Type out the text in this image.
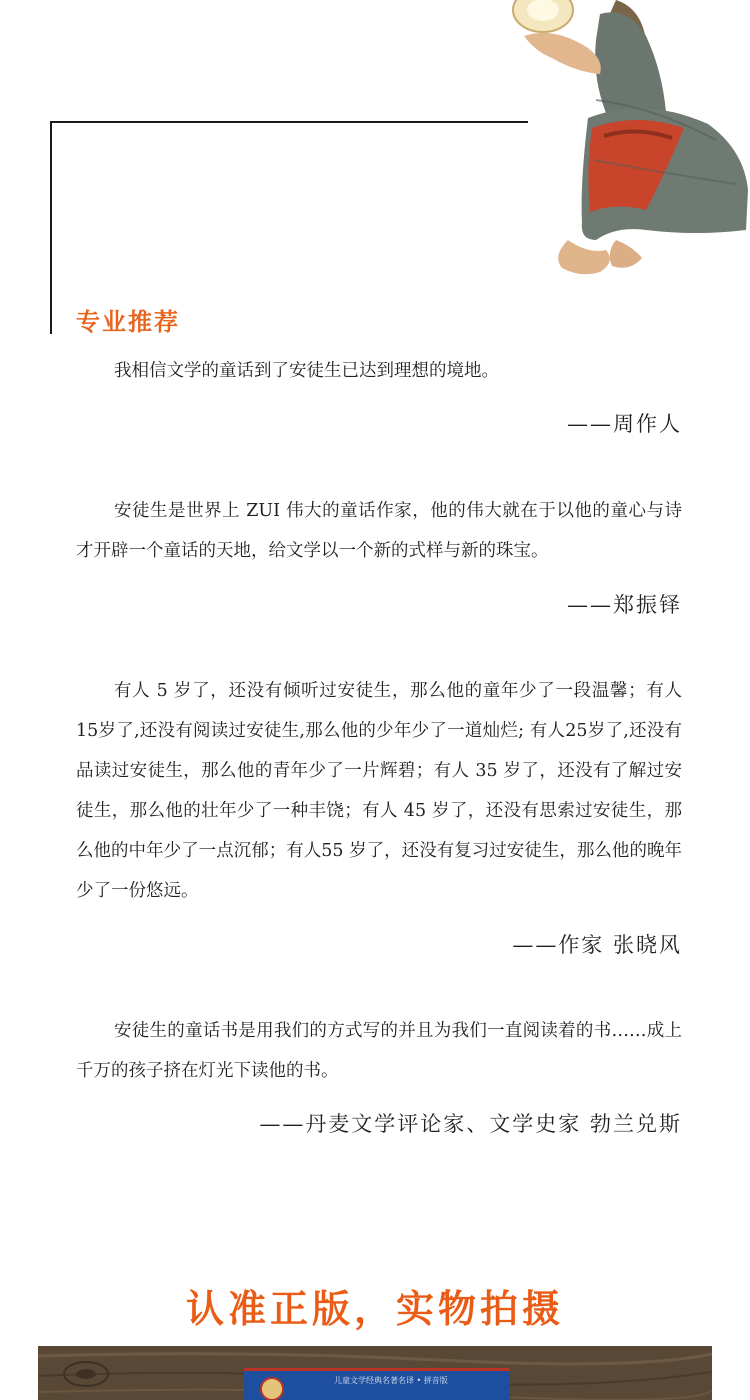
专业推荐

我相信文学的童话到了安徒生已达到理想的境地。

——周作人

安徒生是世界上 ZUI 伟大的童话作家，他的伟大就在于以他的童心与诗才开辟一个童话的天地，给文学以一个新的式样与新的珠宝。

——郑振铎

有人 5 岁了，还没有倾听过安徒生，那么他的童年少了一段温馨；有人15岁了,还没有阅读过安徒生,那么他的少年少了一道灿烂; 有人25岁了,还没有品读过安徒生，那么他的青年少了一片辉碧；有人 35 岁了，还没有了解过安徒生，那么他的壮年少了一种丰饶；有人 45 岁了，还没有思索过安徒生，那么他的中年少了一点沉郁；有人55 岁了，还没有复习过安徒生，那么他的晚年少了一份悠远。

——作家 张晓风

安徒生的童话书是用我们的方式写的并且为我们一直阅读着的书……成上千万的孩子挤在灯光下读他的书。

——丹麦文学评论家、文学史家 勃兰兑斯

认准正版，实物拍摄
儿童文学经典名著名译 • 拼音版
